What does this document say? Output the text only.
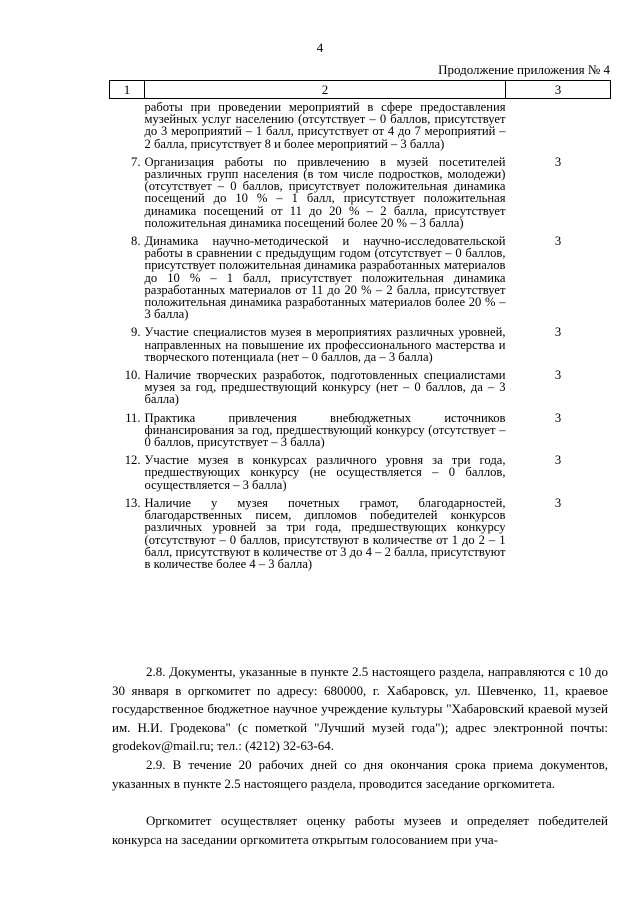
4
Продолжение приложения № 4
1	2	3
	работы при проведении мероприятий в сфере предоставления музейных услуг населению (отсутствует – 0 баллов, присутствует до 3 мероприятий – 1 балл, присутствует от 4 до 7 мероприятий – 2 балла, присутствует 8 и более мероприятий – 3 балла)	
7.	Организация работы по привлечению в музей посетителей различных групп населения (в том числе подростков, молодежи) (отсутствует – 0 баллов, присутствует положительная динамика посещений до 10 % – 1 балл, присутствует положительная динамика посещений от 11 до 20 % – 2 балла, присутствует положительная динамика посещений более 20 % – 3 балла)	3
8.	Динамика научно-методической и научно-исследовательской работы в сравнении с предыдущим годом (отсутствует – 0 баллов, присутствует положительная динамика разработанных материалов до 10 % – 1 балл, присутствует положительная динамика разработанных материалов от 11 до 20 % – 2 балла, присутствует положительная динамика разработанных материалов более 20 % – 3 балла)	3
9.	Участие специалистов музея в мероприятиях различных уровней, направленных на повышение их профессионального мастерства и творческого потенциала (нет – 0 баллов, да – 3 балла)	3
10.	Наличие творческих разработок, подготовленных специалистами музея за год, предшествующий конкурсу (нет – 0 баллов, да – 3 балла)	3
11.	Практика привлечения внебюджетных источников финансирования за год, предшествующий конкурсу (отсутствует – 0 баллов, присутствует – 3 балла)	3
12.	Участие музея в конкурсах различного уровня за три года, предшествующих конкурсу (не осуществляется – 0 баллов, осуществляется – 3 балла)	3
13.	Наличие у музея почетных грамот, благодарностей, благодарственных писем, дипломов победителей конкурсов различных уровней за три года, предшествующих конкурсу (отсутствуют – 0 баллов, присутствуют в количестве от 1 до 2 – 1 балл, присутствуют в количестве от 3 до 4 – 2 балла, присутствуют в количестве более 4 – 3 балла)	3

2.8. Документы, указанные в пункте 2.5 настоящего раздела, направляются с 10 до 30 января в оргкомитет по адресу: 680000, г. Хабаровск, ул. Шевченко, 11, краевое государственное бюджетное научное учреждение культуры "Хабаровский краевой музей им. Н.И. Гродекова" (с пометкой "Лучший музей года"); адрес электронной почты: grodekov@mail.ru; тел.: (4212) 32-63-64.

2.9. В течение 20 рабочих дней со дня окончания срока приема документов, указанных в пункте 2.5 настоящего раздела, проводится заседание оргкомитета.

Оргкомитет осуществляет оценку работы музеев и определяет победителей конкурса на заседании оргкомитета открытым голосованием при уча-
